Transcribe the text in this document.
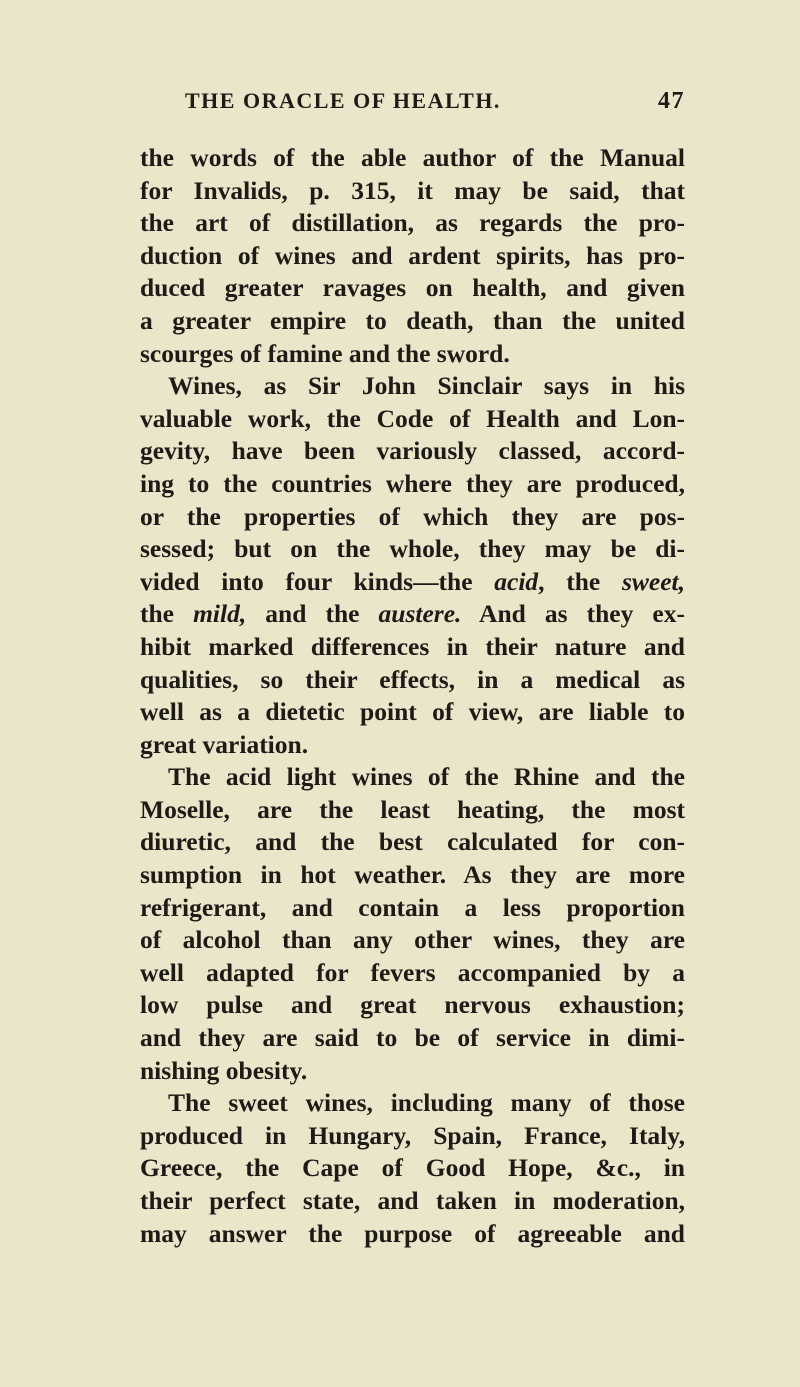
THE ORACLE OF HEALTH.	47
the words of the able author of the Manual
for Invalids, p. 315, it may be said, that
the art of distillation, as regards the pro-
duction of wines and ardent spirits, has pro-
duced greater ravages on health, and given
a greater empire to death, than the united
scourges of famine and the sword.
Wines, as Sir John Sinclair says in his
valuable work, the Code of Health and Lon-
gevity, have been variously classed, accord-
ing to the countries where they are produced,
or the properties of which they are pos-
sessed; but on the whole, they may be di-
vided into four kinds—the acid, the sweet,
the mild, and the austere. And as they ex-
hibit marked differences in their nature and
qualities, so their effects, in a medical as
well as a dietetic point of view, are liable to
great variation.
The acid light wines of the Rhine and the
Moselle, are the least heating, the most
diuretic, and the best calculated for con-
sumption in hot weather. As they are more
refrigerant, and contain a less proportion
of alcohol than any other wines, they are
well adapted for fevers accompanied by a
low pulse and great nervous exhaustion;
and they are said to be of service in dimi-
nishing obesity.
The sweet wines, including many of those
produced in Hungary, Spain, France, Italy,
Greece, the Cape of Good Hope, &c., in
their perfect state, and taken in moderation,
may answer the purpose of agreeable and
